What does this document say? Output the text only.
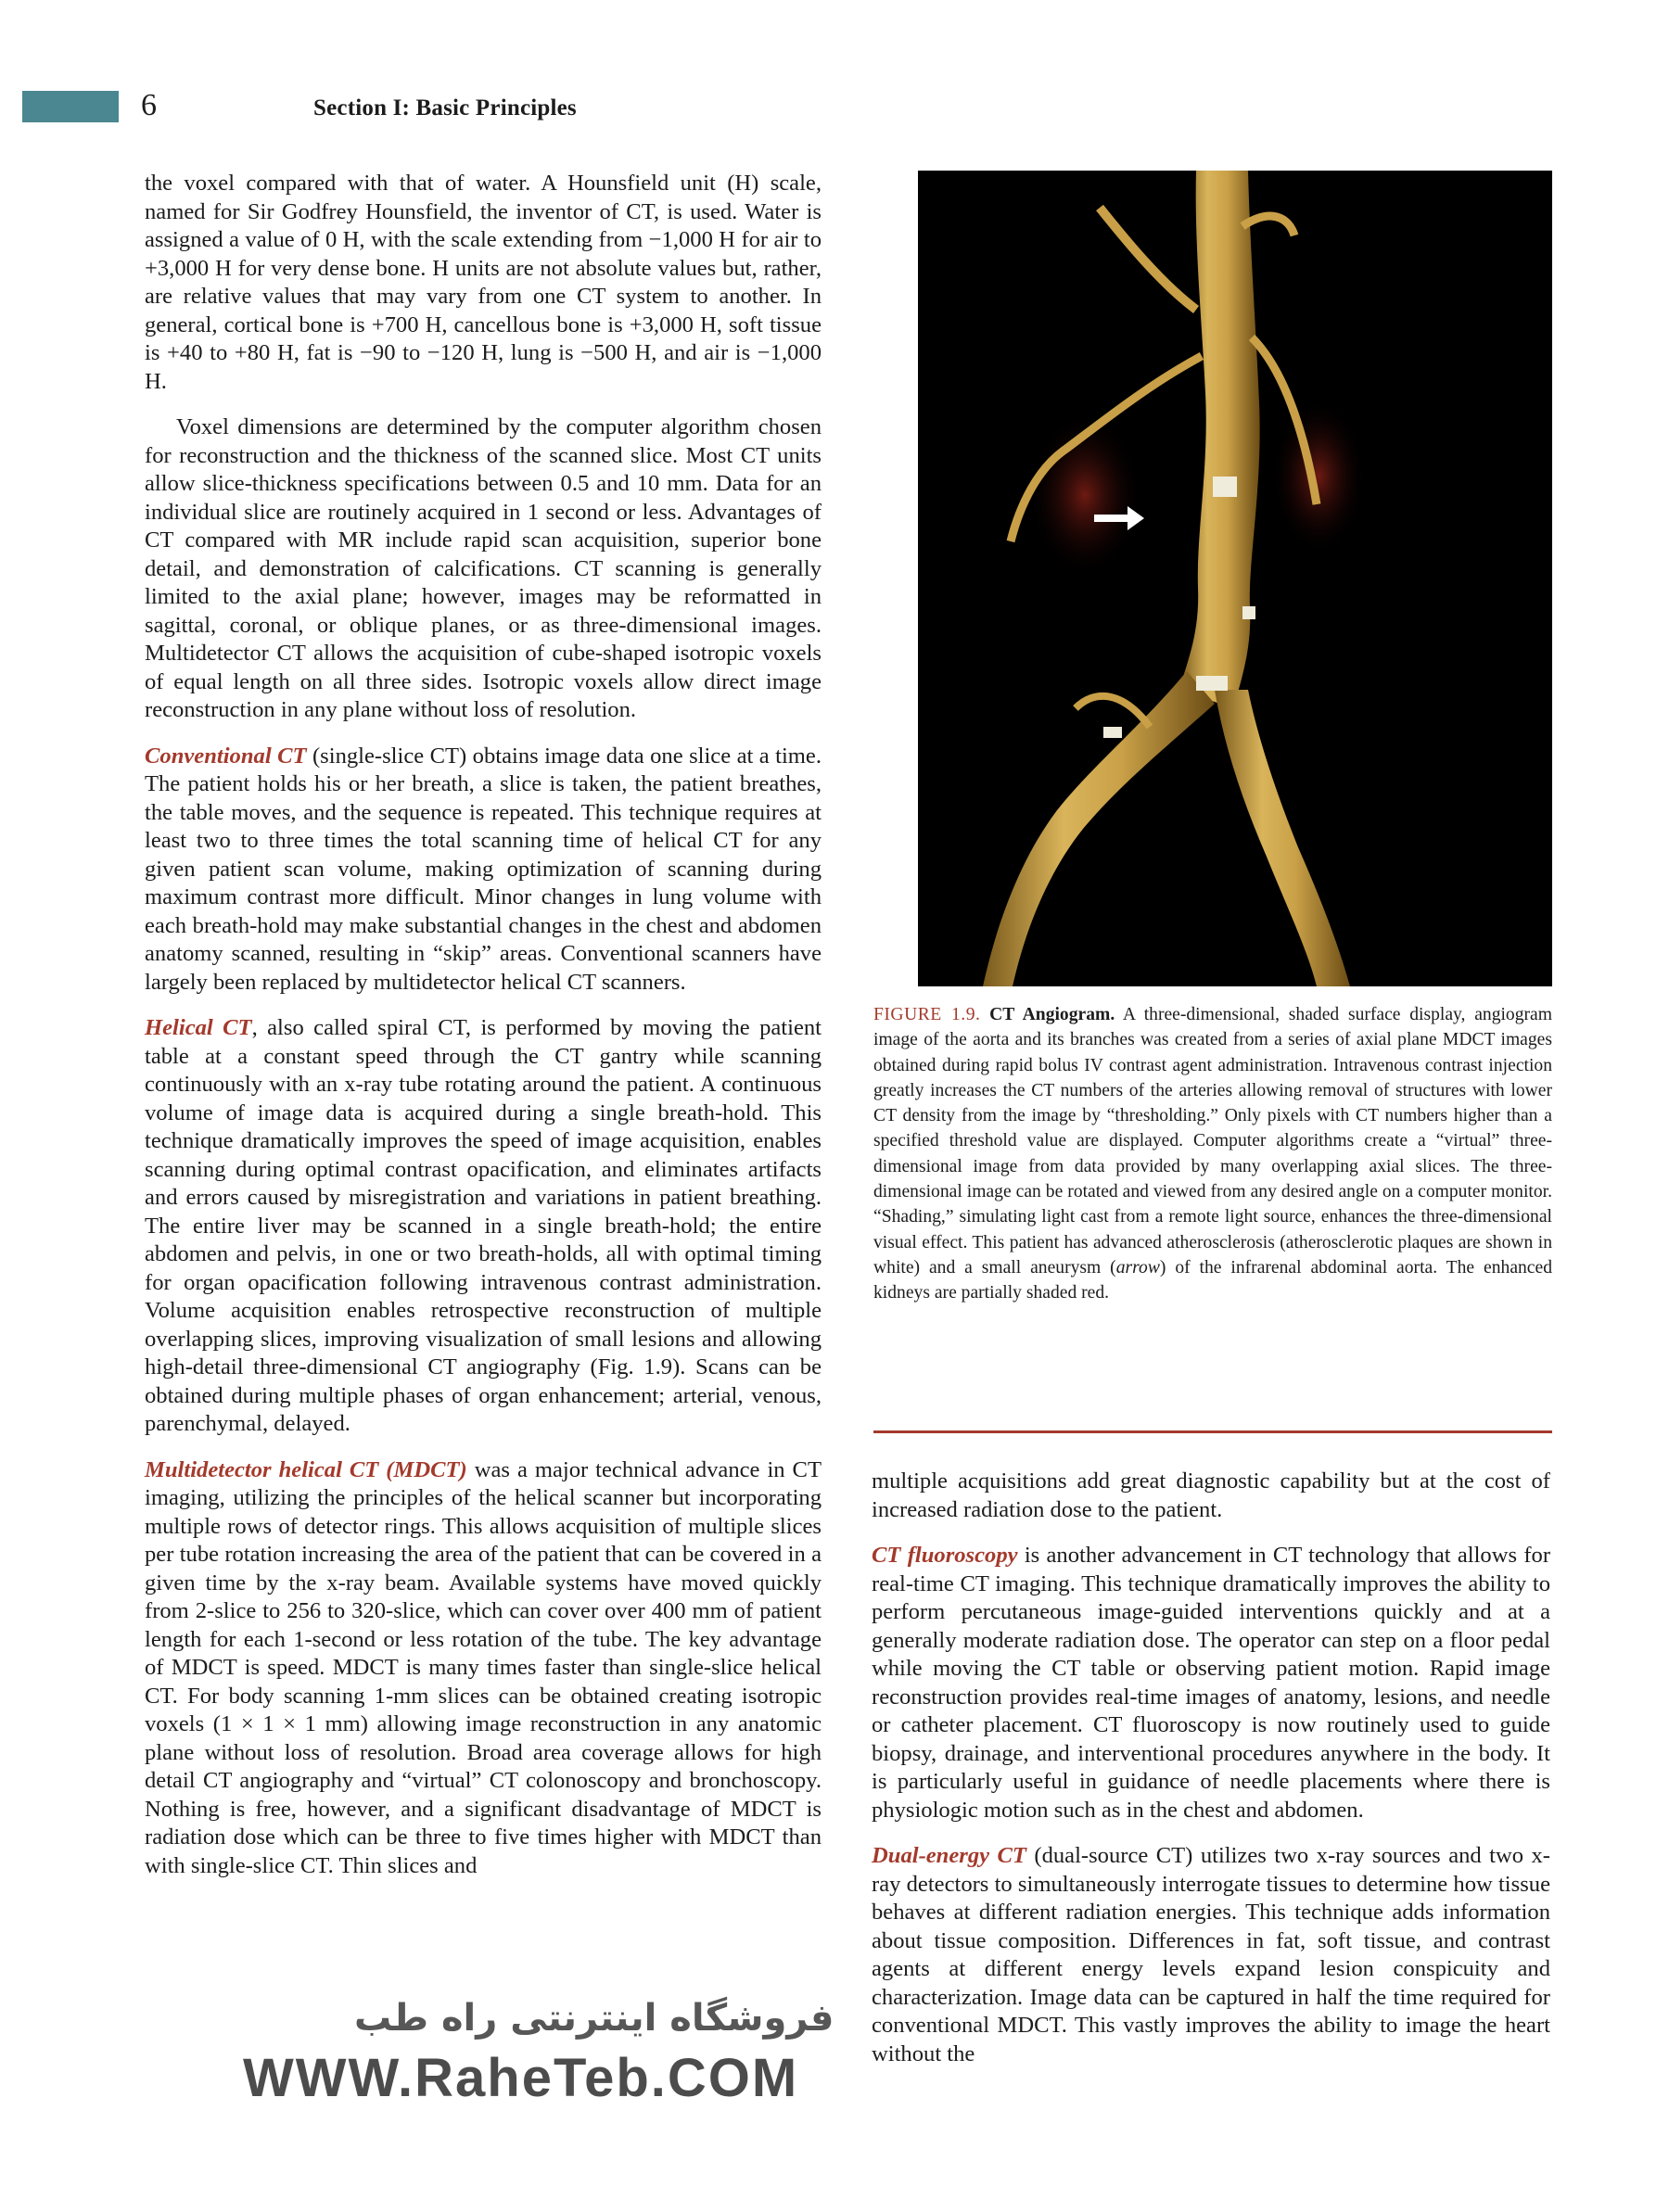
6	Section I: Basic Principles

the voxel compared with that of water. A Hounsfield unit (H) scale, named for Sir Godfrey Hounsfield, the inventor of CT, is used. Water is assigned a value of 0 H, with the scale extending from −1,000 H for air to +3,000 H for very dense bone. H units are not absolute values but, rather, are relative values that may vary from one CT system to another. In general, cortical bone is +700 H, cancellous bone is +3,000 H, soft tissue is +40 to +80 H, fat is −90 to −120 H, lung is −500 H, and air is −1,000 H.

Voxel dimensions are determined by the computer algorithm chosen for reconstruction and the thickness of the scanned slice. Most CT units allow slice-thickness specifications between 0.5 and 10 mm. Data for an individual slice are routinely acquired in 1 second or less. Advantages of CT compared with MR include rapid scan acquisition, superior bone detail, and demonstration of calcifications. CT scanning is generally limited to the axial plane; however, images may be reformatted in sagittal, coronal, or oblique planes, or as three-dimensional images. Multidetector CT allows the acquisition of cube-shaped isotropic voxels of equal length on all three sides. Isotropic voxels allow direct image reconstruction in any plane without loss of resolution.

Conventional CT (single-slice CT) obtains image data one slice at a time. The patient holds his or her breath, a slice is taken, the patient breathes, the table moves, and the sequence is repeated. This technique requires at least two to three times the total scanning time of helical CT for any given patient scan volume, making optimization of scanning during maximum contrast more difficult. Minor changes in lung volume with each breath-hold may make substantial changes in the chest and abdomen anatomy scanned, resulting in “skip” areas. Conventional scanners have largely been replaced by multidetector helical CT scanners.

Helical CT, also called spiral CT, is performed by moving the patient table at a constant speed through the CT gantry while scanning continuously with an x-ray tube rotating around the patient. A continuous volume of image data is acquired during a single breath-hold. This technique dramatically improves the speed of image acquisition, enables scanning during optimal contrast opacification, and eliminates artifacts and errors caused by misregistration and variations in patient breathing. The entire liver may be scanned in a single breath-hold; the entire abdomen and pelvis, in one or two breath-holds, all with optimal timing for organ opacification following intravenous contrast administration. Volume acquisition enables retrospective reconstruction of multiple overlapping slices, improving visualization of small lesions and allowing high-detail three-dimensional CT angiography (Fig. 1.9). Scans can be obtained during multiple phases of organ enhancement; arterial, venous, parenchymal, delayed.

Multidetector helical CT (MDCT) was a major technical advance in CT imaging, utilizing the principles of the helical scanner but incorporating multiple rows of detector rings. This allows acquisition of multiple slices per tube rotation increasing the area of the patient that can be covered in a given time by the x-ray beam. Available systems have moved quickly from 2-slice to 256 to 320-slice, which can cover over 400 mm of patient length for each 1-second or less rotation of the tube. The key advantage of MDCT is speed. MDCT is many times faster than single-slice helical CT. For body scanning 1-mm slices can be obtained creating isotropic voxels (1 × 1 × 1 mm) allowing image reconstruction in any anatomic plane without loss of resolution. Broad area coverage allows for high detail CT angiography and “virtual” CT colonoscopy and bronchoscopy. Nothing is free, however, and a significant disadvantage of MDCT is radiation dose which can be three to five times higher with MDCT than with single-slice CT. Thin slices and

FIGURE 1.9. CT Angiogram. A three-dimensional, shaded surface display, angiogram image of the aorta and its branches was created from a series of axial plane MDCT images obtained during rapid bolus IV contrast agent administration. Intravenous contrast injection greatly increases the CT numbers of the arteries allowing removal of structures with lower CT density from the image by “thresholding.” Only pixels with CT numbers higher than a specified threshold value are displayed. Computer algorithms create a “virtual” three-dimensional image from data provided by many overlapping axial slices. The three-dimensional image can be rotated and viewed from any desired angle on a computer monitor. “Shading,” simulating light cast from a remote light source, enhances the three-dimensional visual effect. This patient has advanced atherosclerosis (atherosclerotic plaques are shown in white) and a small aneurysm (arrow) of the infrarenal abdominal aorta. The enhanced kidneys are partially shaded red.

multiple acquisitions add great diagnostic capability but at the cost of increased radiation dose to the patient.

CT fluoroscopy is another advancement in CT technology that allows for real-time CT imaging. This technique dramatically improves the ability to perform percutaneous image-guided interventions quickly and at a generally moderate radiation dose. The operator can step on a floor pedal while moving the CT table or observing patient motion. Rapid image reconstruction provides real-time images of anatomy, lesions, and needle or catheter placement. CT fluoroscopy is now routinely used to guide biopsy, drainage, and interventional procedures anywhere in the body. It is particularly useful in guidance of needle placements where there is physiologic motion such as in the chest and abdomen.

Dual-energy CT (dual-source CT) utilizes two x-ray sources and two x-ray detectors to simultaneously interrogate tissues to determine how tissue behaves at different radiation energies. This technique adds information about tissue composition. Differences in fat, soft tissue, and contrast agents at different energy levels expand lesion conspicuity and characterization. Image data can be captured in half the time required for conventional MDCT. This vastly improves the ability to image the heart without the

فروشگاه اینترنتی راه طب
WWW.RaheTeb.COM
